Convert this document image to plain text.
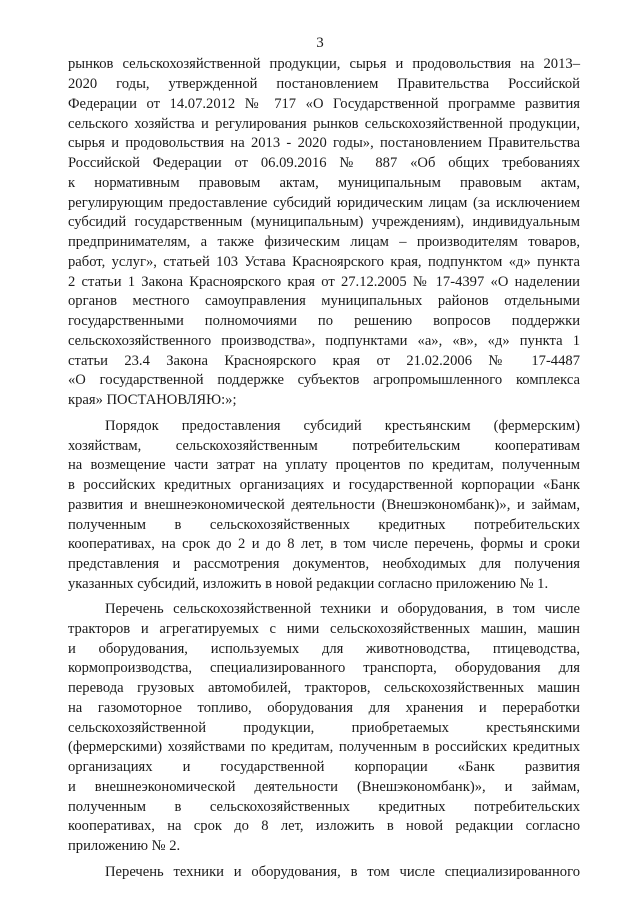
3
рынков сельскохозяйственной продукции, сырья и продовольствия на 2013–
2020 годы, утвержденной постановлением Правительства Российской
Федерации от 14.07.2012 № 717 «О Государственной программе развития
сельского хозяйства и регулирования рынков сельскохозяйственной продукции,
сырья и продовольствия на 2013 - 2020 годы», постановлением Правительства
Российской Федерации от 06.09.2016 № 887 «Об общих требованиях
к нормативным правовым актам, муниципальным правовым актам,
регулирующим предоставление субсидий юридическим лицам (за исключением
субсидий государственным (муниципальным) учреждениям), индивидуальным
предпринимателям, а также физическим лицам – производителям товаров,
работ, услуг», статьей 103 Устава Красноярского края, подпунктом «д» пункта
2 статьи 1 Закона Красноярского края от 27.12.2005 № 17-4397 «О наделении
органов местного самоуправления муниципальных районов отдельными
государственными полномочиями по решению вопросов поддержки
сельскохозяйственного производства», подпунктами «а», «в», «д» пункта 1
статьи 23.4 Закона Красноярского края от 21.02.2006 № 17-4487
«О государственной поддержке субъектов агропромышленного комплекса
края» ПОСТАНОВЛЯЮ:»;
Порядок предоставления субсидий крестьянским (фермерским)
хозяйствам, сельскохозяйственным потребительским кооперативам
на возмещение части затрат на уплату процентов по кредитам, полученным
в российских кредитных организациях и государственной корпорации «Банк
развития и внешнеэкономической деятельности (Внешэкономбанк)», и займам,
полученным в сельскохозяйственных кредитных потребительских
кооперативах, на срок до 2 и до 8 лет, в том числе перечень, формы и сроки
представления и рассмотрения документов, необходимых для получения
указанных субсидий, изложить в новой редакции согласно приложению № 1.
Перечень сельскохозяйственной техники и оборудования, в том числе
тракторов и агрегатируемых с ними сельскохозяйственных машин, машин
и оборудования, используемых для животноводства, птицеводства,
кормопроизводства, специализированного транспорта, оборудования для
перевода грузовых автомобилей, тракторов, сельскохозяйственных машин
на газомоторное топливо, оборудования для хранения и переработки
сельскохозяйственной продукции, приобретаемых крестьянскими
(фермерскими) хозяйствами по кредитам, полученным в российских кредитных
организациях и государственной корпорации «Банк развития
и внешнеэкономической деятельности (Внешэкономбанк)», и займам,
полученным в сельскохозяйственных кредитных потребительских
кооперативах, на срок до 8 лет, изложить в новой редакции согласно
приложению № 2.
Перечень техники и оборудования, в том числе специализированного
